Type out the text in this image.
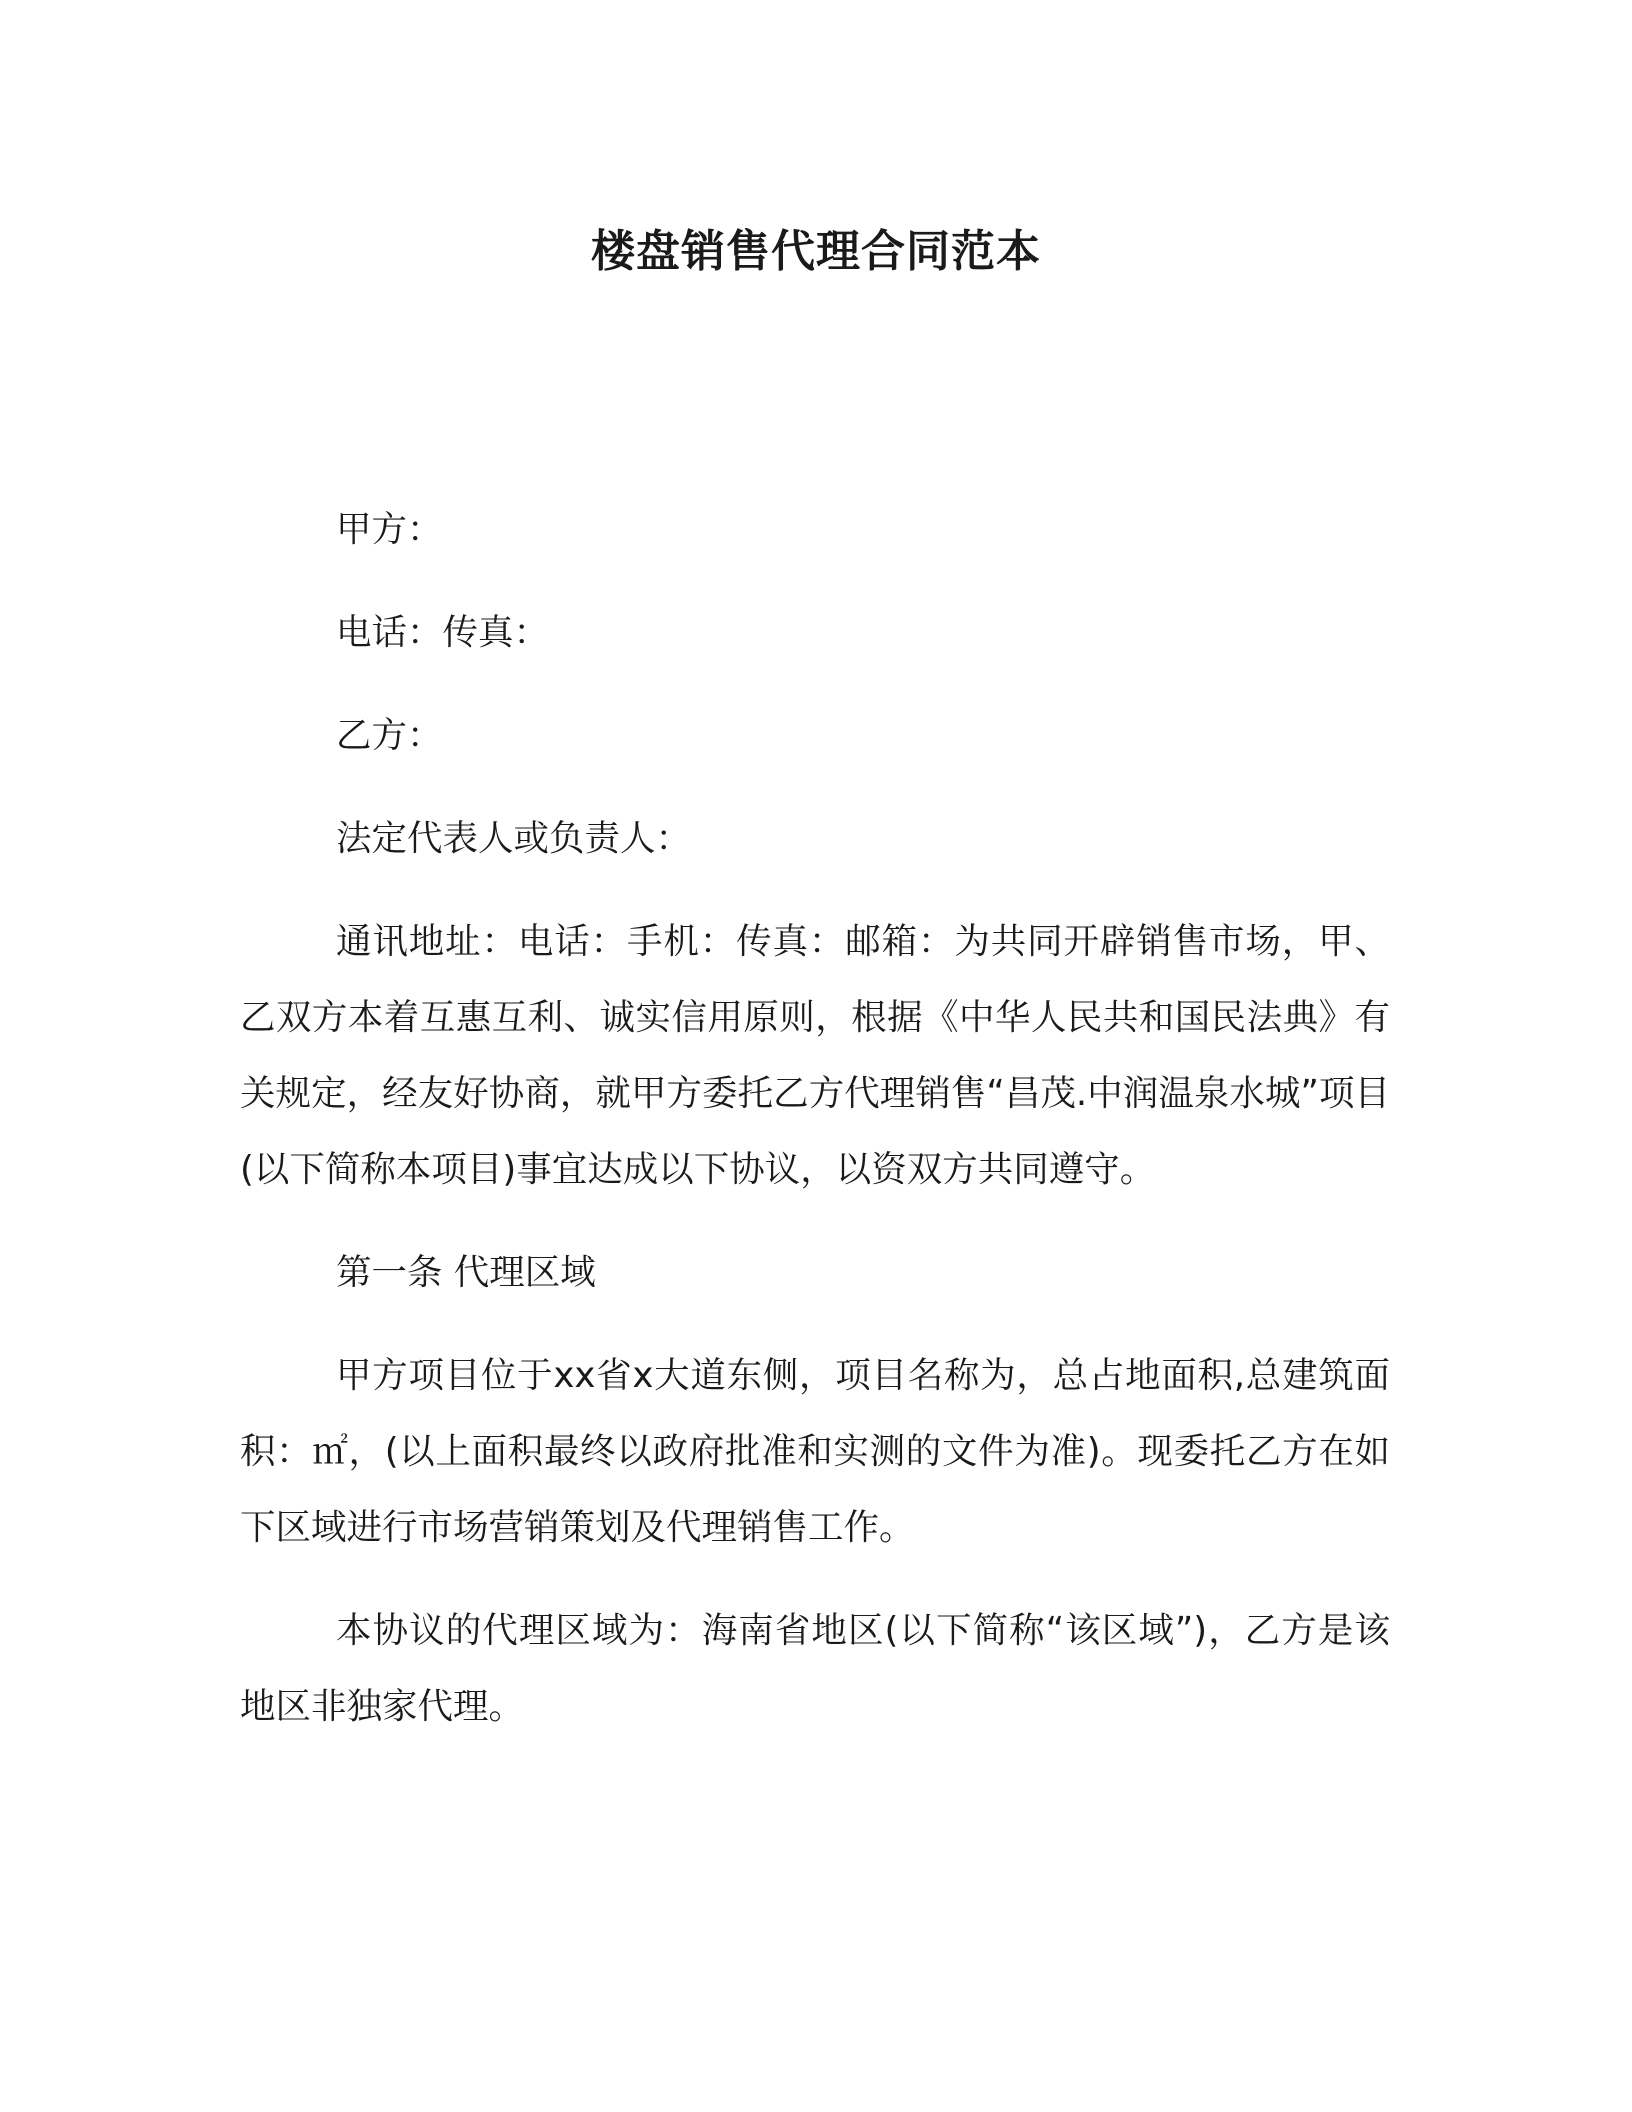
楼盘销售代理合同范本

甲方：

电话：传真：

乙方：

法定代表人或负责人：

通讯地址：电话：手机：传真：邮箱：为共同开辟销售市场，甲、乙双方本着互惠互利、诚实信用原则，根据《中华人民共和国民法典》有关规定，经友好协商，就甲方委托乙方代理销售“昌茂.中润温泉水城”项目(以下简称本项目)事宜达成以下协议，以资双方共同遵守。

第一条 代理区域

甲方项目位于xx省x大道东侧，项目名称为，总占地面积,总建筑面积：㎡，(以上面积最终以政府批准和实测的文件为准)。现委托乙方在如下区域进行市场营销策划及代理销售工作。

本协议的代理区域为：海南省地区(以下简称“该区域”)，乙方是该地区非独家代理。
